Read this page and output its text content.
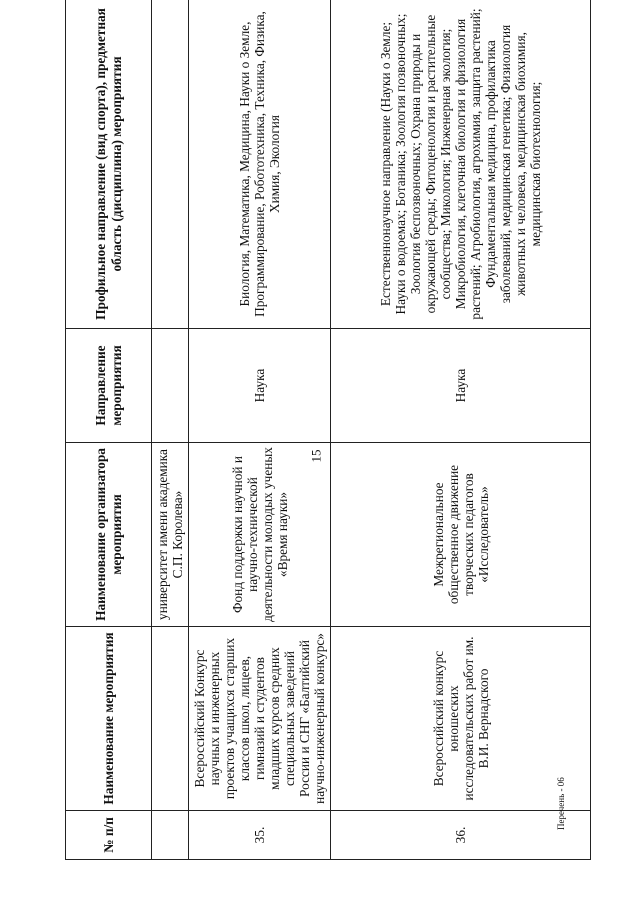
15
№ п/п	Наименование мероприятия	Наименование организатора мероприятия	Направление мероприятия	Профильное направление (вид спорта), предметная область (дисциплина) мероприятия
		университет имени академика С.П. Королева»		
35.	Всероссийский Конкурс научных и инженерных проектов учащихся старших классов школ, лицеев, гимназий и студентов младших курсов средних специальных заведений России и СНГ «Балтийский научно-инженерный конкурс»	Фонд поддержки научной и научно-технической деятельности молодых ученых «Время науки»	Наука	Биология, Математика, Медицина, Науки о Земле, Программирование, Робототехника, Техника, Физика, Химия, Экология
36.	Всероссийский конкурс юношеских исследовательских работ им. В.И. Вернадского	Межрегиональное общественное движение творческих педагогов «Исследователь»	Наука	Естественнонаучное направление (Науки о Земле; Науки о водоемах; Ботаника; Зоология позвоночных; Зоология беспозвоночных; Охрана природы и окружающей среды; Фитоценология и растительные сообщества; Микология; Инженерная экология; Микробиология, клеточная биология и физиология растений; Агробиология, агрохимия, защита растений; Фундаментальная медицина, профилактика заболеваний, медицинская генетика; Физиология животных и человека, медицинская биохимия, медицинская биотехнология;
Перечень - 06
